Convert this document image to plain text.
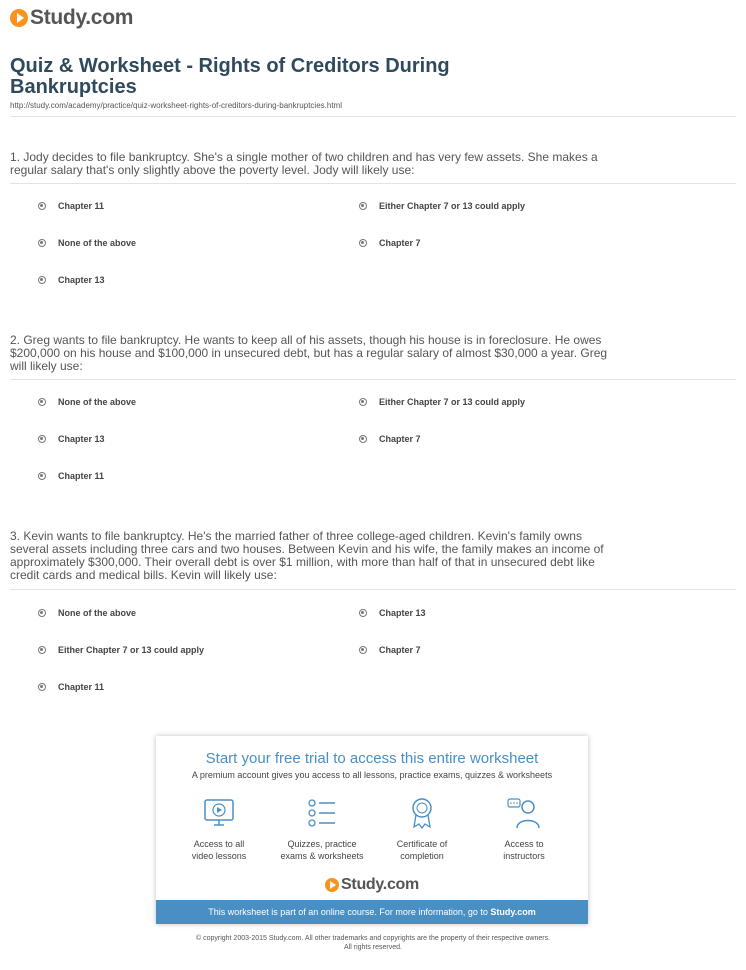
Study.com
Quiz & Worksheet - Rights of Creditors During Bankruptcies
http://study.com/academy/practice/quiz-worksheet-rights-of-creditors-during-bankruptcies.html
1. Jody decides to file bankruptcy. She's a single mother of two children and has very few assets. She makes a regular salary that's only slightly above the poverty level. Jody will likely use:
Chapter 11	Either Chapter 7 or 13 could apply
None of the above	Chapter 7
Chapter 13
2. Greg wants to file bankruptcy. He wants to keep all of his assets, though his house is in foreclosure. He owes $200,000 on his house and $100,000 in unsecured debt, but has a regular salary of almost $30,000 a year. Greg will likely use:
None of the above	Either Chapter 7 or 13 could apply
Chapter 13	Chapter 7
Chapter 11
3. Kevin wants to file bankruptcy. He's the married father of three college-aged children. Kevin's family owns several assets including three cars and two houses. Between Kevin and his wife, the family makes an income of approximately $300,000. Their overall debt is over $1 million, with more than half of that in unsecured debt like credit cards and medical bills. Kevin will likely use:
None of the above	Chapter 13
Either Chapter 7 or 13 could apply	Chapter 7
Chapter 11
Start your free trial to access this entire worksheet
A premium account gives you access to all lessons, practice exams, quizzes & worksheets
Access to all
video lessons
Quizzes, practice
exams & worksheets
Certificate of
completion
Access to
instructors
Study.com
This worksheet is part of an online course. For more information, go to Study.com
© copyright 2003-2015 Study.com. All other trademarks and copyrights are the property of their respective owners.
All rights reserved.
